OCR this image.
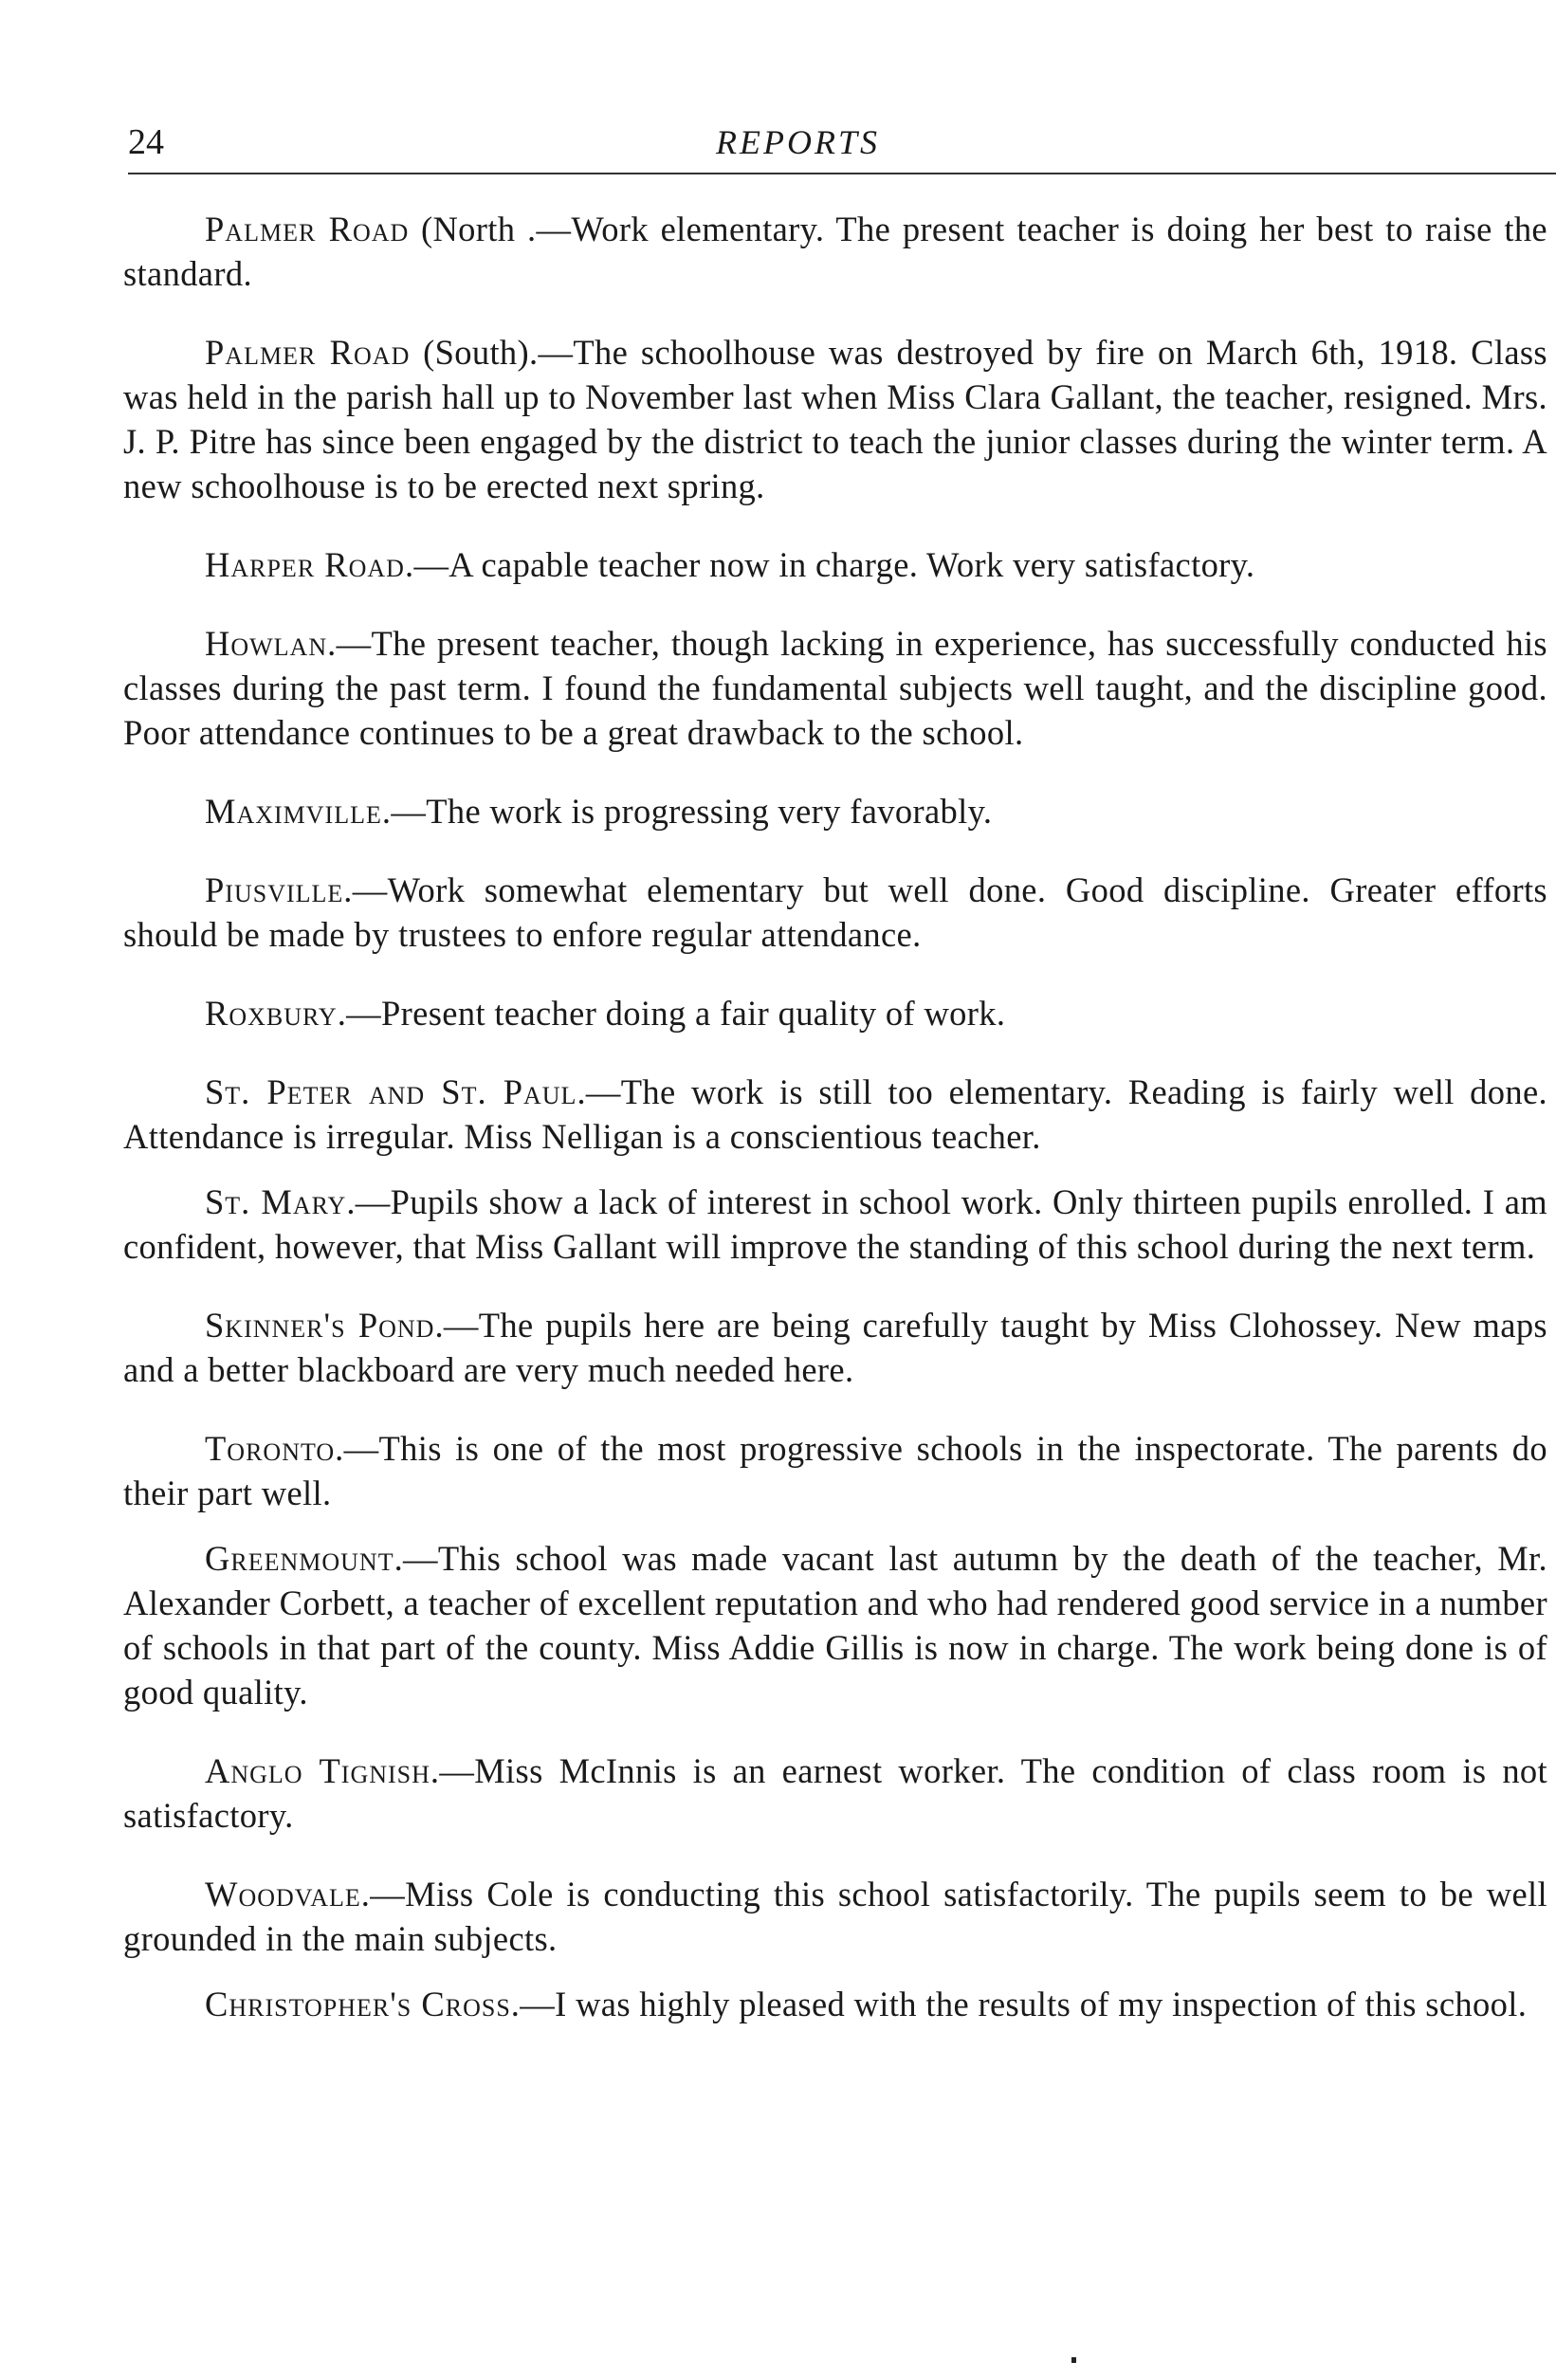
24	REPORTS

Palmer Road (North .—Work elementary. The present teacher is doing her best to raise the standard.

Palmer Road (South).—The schoolhouse was destroyed by fire on March 6th, 1918. Class was held in the parish hall up to November last when Miss Clara Gallant, the teacher, resigned. Mrs. J. P. Pitre has since been engaged by the district to teach the junior classes during the winter term. A new schoolhouse is to be erected next spring.

Harper Road.—A capable teacher now in charge. Work very satisfactory.

Howlan.—The present teacher, though lacking in experience, has successfully conducted his classes during the past term. I found the fundamental subjects well taught, and the discipline good. Poor attendance continues to be a great drawback to the school.

Maximville.—The work is progressing very favorably.

Piusville.—Work somewhat elementary but well done. Good discipline. Greater efforts should be made by trustees to enfore regular attendance.

Roxbury.—Present teacher doing a fair quality of work.

St. Peter and St. Paul.—The work is still too elementary. Reading is fairly well done. Attendance is irregular. Miss Nelligan is a conscientious teacher.

St. Mary.—Pupils show a lack of interest in school work. Only thirteen pupils enrolled. I am confident, however, that Miss Gallant will improve the standing of this school during the next term.

Skinner's Pond.—The pupils here are being carefully taught by Miss Clohossey. New maps and a better blackboard are very much needed here.

Toronto.—This is one of the most progressive schools in the inspectorate. The parents do their part well.

Greenmount.—This school was made vacant last autumn by the death of the teacher, Mr. Alexander Corbett, a teacher of excellent reputation and who had rendered good service in a number of schools in that part of the county. Miss Addie Gillis is now in charge. The work being done is of good quality.

Anglo Tignish.—Miss McInnis is an earnest worker. The condition of class room is not satisfactory.

Woodvale.—Miss Cole is conducting this school satisfactorily. The pupils seem to be well grounded in the main subjects.

Christopher's Cross.—I was highly pleased with the results of my inspection of this school.
